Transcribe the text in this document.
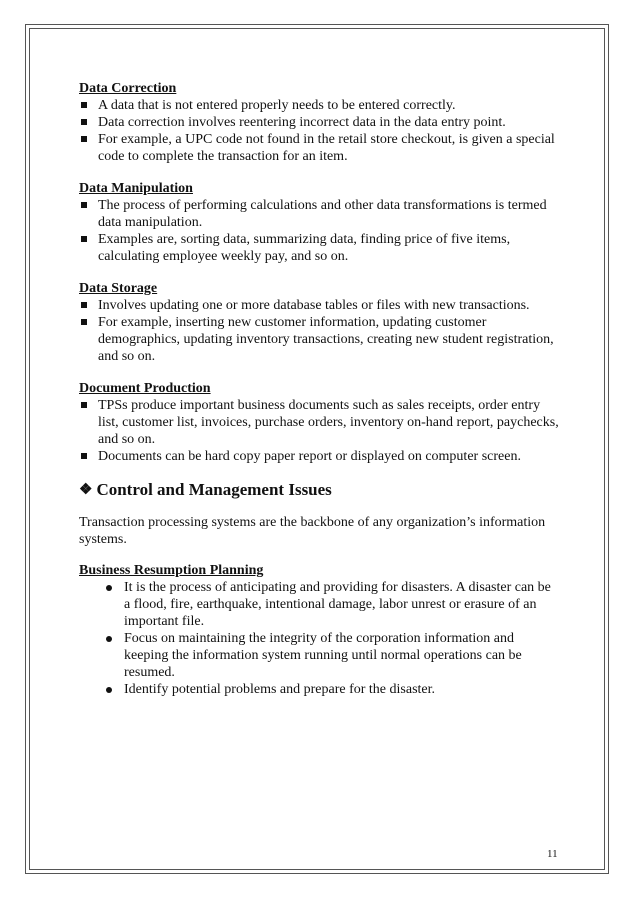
Data Correction

A data that is not entered properly needs to be entered correctly.
Data correction involves reentering incorrect data in the data entry point.
For example, a UPC code not found in the retail store checkout, is given a special code to complete the transaction for an item.

Data Manipulation

The process of performing calculations and other data transformations is termed data manipulation.
Examples are, sorting data, summarizing data, finding price of five items, calculating employee weekly pay, and so on.

Data Storage

Involves updating one or more database tables or files with new transactions.
For example, inserting new customer information, updating customer demographics, updating inventory transactions, creating new student registration, and so on.

Document Production

TPSs produce important business documents such as sales receipts, order entry list, customer list, invoices, purchase orders, inventory on-hand report, paychecks, and so on.
Documents can be hard copy paper report or displayed on computer screen.
❖ Control and Management Issues

Transaction processing systems are the backbone of any organization’s information systems.

Business Resumption Planning

It is the process of anticipating and providing for disasters. A disaster can be a flood, fire, earthquake, intentional damage, labor unrest or erasure of an important file.
Focus on maintaining the integrity of the corporation information and keeping the information system running until normal operations can be resumed.
Identify potential problems and prepare for the disaster.
11
